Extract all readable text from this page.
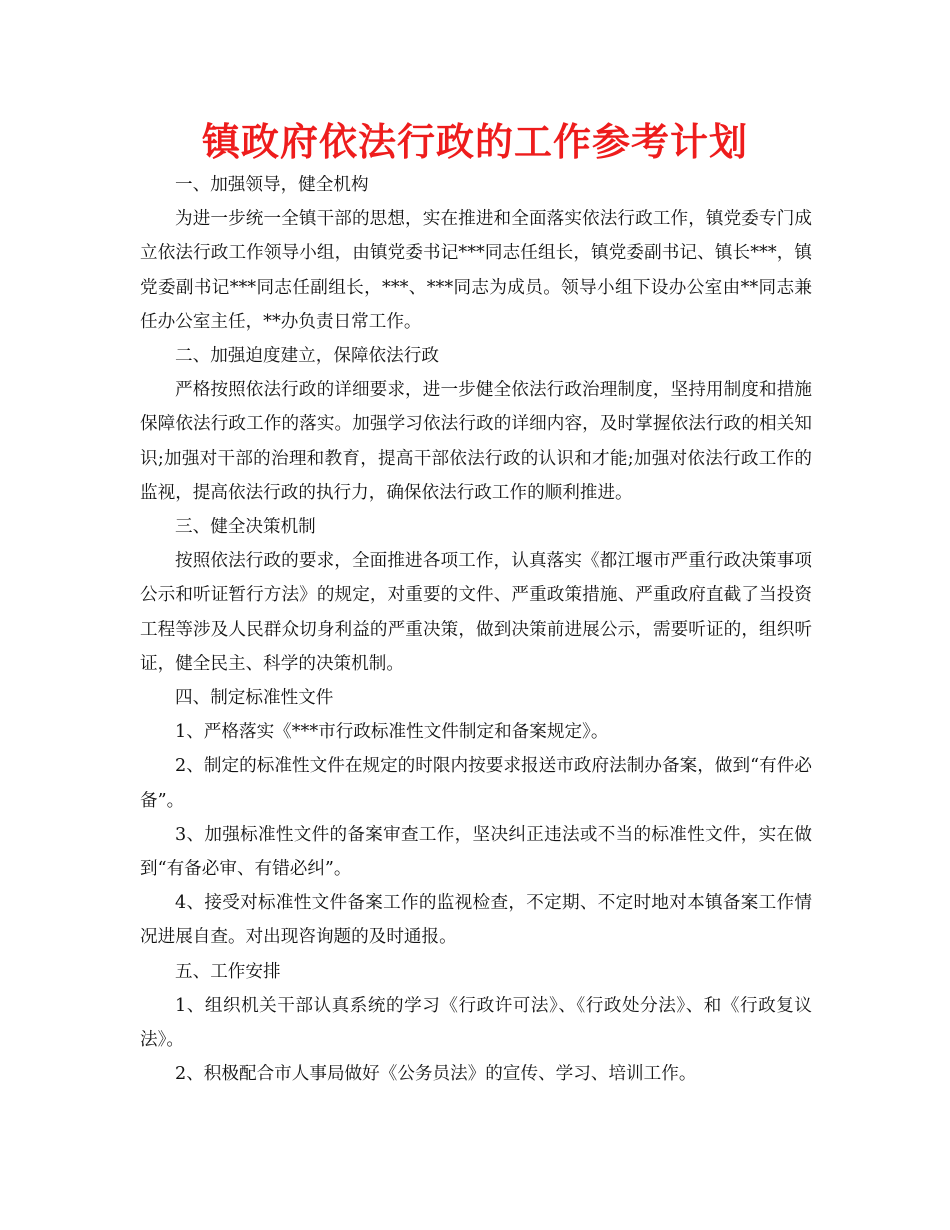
镇政府依法行政的工作参考计划

一、加强领导，健全机构

为进一步统一全镇干部的思想，实在推进和全面落实依法行政工作，镇党委专门成立依法行政工作领导小组，由镇党委书记***同志任组长，镇党委副书记、镇长***，镇党委副书记***同志任副组长，***、***同志为成员。领导小组下设办公室由**同志兼任办公室主任，**办负责日常工作。

二、加强迫度建立，保障依法行政

严格按照依法行政的详细要求，进一步健全依法行政治理制度，坚持用制度和措施保障依法行政工作的落实。加强学习依法行政的详细内容，及时掌握依法行政的相关知识;加强对干部的治理和教育，提高干部依法行政的认识和才能;加强对依法行政工作的监视，提高依法行政的执行力，确保依法行政工作的顺利推进。

三、健全决策机制

按照依法行政的要求，全面推进各项工作，认真落实《都江堰市严重行政决策事项公示和听证暂行方法》的规定，对重要的文件、严重政策措施、严重政府直截了当投资工程等涉及人民群众切身利益的严重决策，做到决策前进展公示，需要听证的，组织听证，健全民主、科学的决策机制。

四、制定标准性文件

1、严格落实《***市行政标准性文件制定和备案规定》。

2、制定的标准性文件在规定的时限内按要求报送市政府法制办备案，做到“有件必备”。

3、加强标准性文件的备案审查工作，坚决纠正违法或不当的标准性文件，实在做到“有备必审、有错必纠”。

4、接受对标准性文件备案工作的监视检查，不定期、不定时地对本镇备案工作情况进展自查。对出现咨询题的及时通报。

五、工作安排

1、组织机关干部认真系统的学习《行政许可法》、《行政处分法》、和《行政复议法》。

2、积极配合市人事局做好《公务员法》的宣传、学习、培训工作。
